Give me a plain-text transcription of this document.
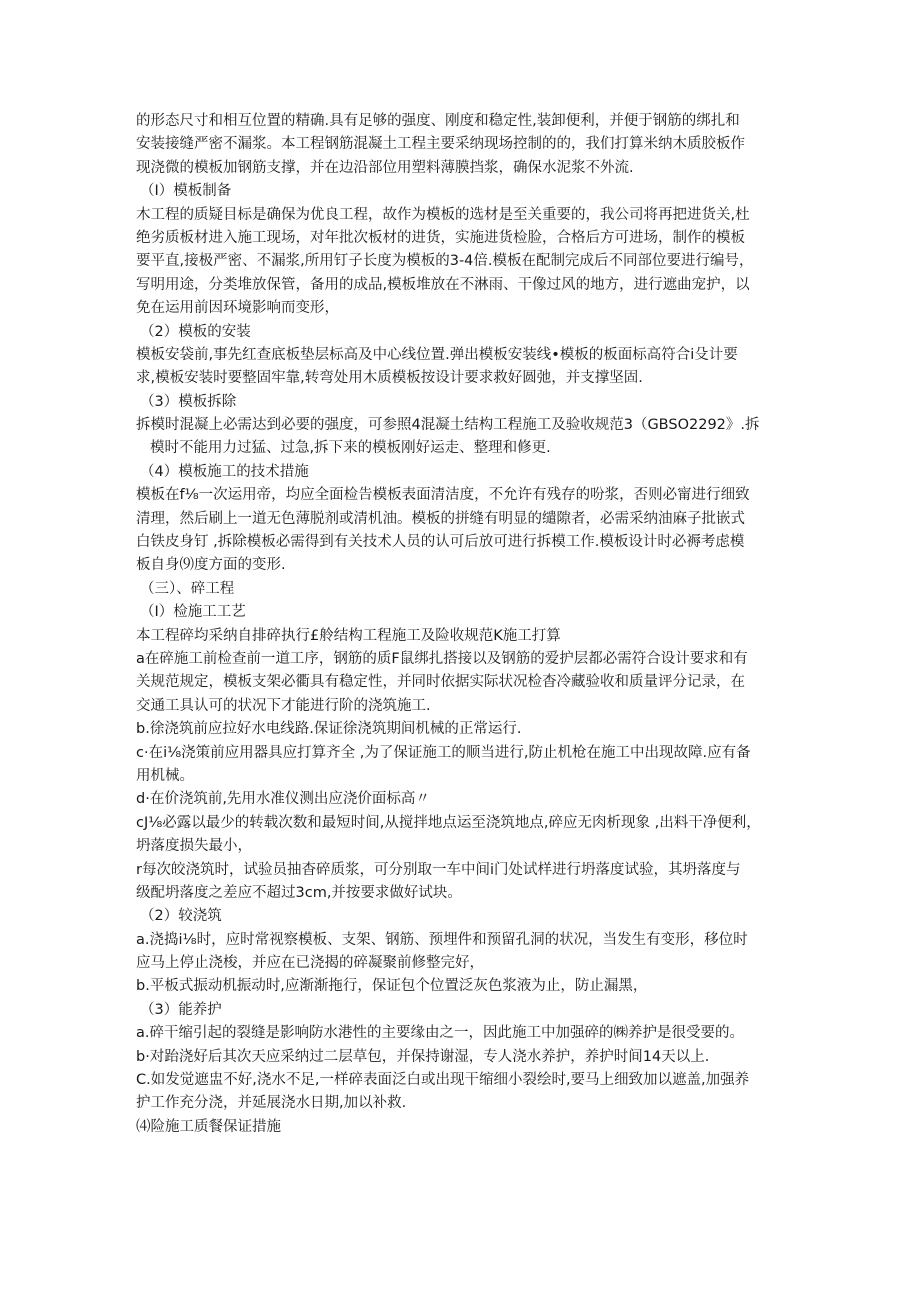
的形态尺寸和相互位置的精确.具有足够的强度、刚度和稳定性,装卸便利，并便于钢筋的绑扎和
安装接缝严密不漏浆。本工程钢筋混凝土工程主要采纳现场控制的的，我们打算米纳木质胶板作
现浇微的模板加钢筋支撑，并在边沿部位用塑料薄膜挡浆，确保水泥浆不外流.
（I）模板制备
木工程的质疑目标是确保为优良工程，故作为模板的选材是至关重要的，我公司将再把进货关,杜
绝劣质板材进入施工现场，对年批次板材的进货，实施进货检脸，合格后方可进场，制作的模板
要平直,接极严密、不漏浆,所用钉子长度为模板的3-4倍.模板在配制完成后不同部位要进行编号，
写明用途，分类堆放保管，备用的成品,模板堆放在不淋雨、干像过风的地方，进行遮曲宠护，以
免在运用前因环境影响而变形，
（2）模板的安装
模板安袋前,事先红查底板垫层标高及中心线位置.弹出模板安装线•模板的板面标高符合i殳计要
求,模板安装时要整固牢靠,转弯处用木质模板按设计要求救好圆弛，并支撑坚固.
（3）模板拆除
拆模时混凝上必需达到必要的强度，可参照4混凝土结构工程施工及验收规范3（GBSO2292》.拆
模时不能用力过猛、过急,拆下来的模板刚好运走、整理和修更.
（4）模板施工的技术措施
模板在f⅛一次运用帝，均应全面检告模板表面清洁度，不允许有残存的吩浆，否则必甯进行细致
清理，然后刷上一道无色薄脱剂或清机油。模板的拼缝有明显的缱隙者，必需采纳油麻子批嵌式
白铁皮身钉 ,拆除模板必需得到有关技术人员的认可后放可进行拆模工作.模板设计时必褥考虑模
板自身⑼度方面的变形.
（三）、碎工程
（I）检施工工艺
本工程碎均采纳自排碎执行£舲结构工程施工及险收规范K施工打算
a在碎施工前检查前一道工序，钢筋的质F鼠绑扎搭接以及钢筋的爱护层都必需符合设计要求和有
关规范规定，模板支架必衢具有稳定性，并同时依据实际状况检杳冷藏验收和质量评分记录，在
交通工具认可的状况下才能进行阶的浇筑施工.
b.徐浇筑前应拉好水电线路.保证徐浇筑期间机械的正常运行.
c·在i⅛浇策前应用器具应打算齐全 ,为了保证施工的顺当进行,防止机枪在施工中出现故障.应有备
用机械。
d·在价浇筑前,先用水准仪测出应浇价面标高〃
cJ⅛必露以最少的转载次数和最短时间,从搅拌地点运至浇筑地点,碎应无肉析现象 ,出料干净便利，
坍落度损失最小，
r每次皎浇筑时，试验员抽杳碎质浆，可分别取一车中间i门处试样进行坍落度试验，其坍落度与
级配坍落度之差应不超过3cm,并按要求做好试块。
（2）较浇筑
a.浇捣i⅛时，应时常视察模板、支架、钢筋、预埋件和预留孔洞的状况，当发生有变形，移位时
应马上停止浇梭，并应在已浇揭的碎凝聚前修整完好，
b.平板式振动机振动时,应渐渐拖行，保证包个位置泛灰色浆液为止，防止漏黑，
（3）能养护
a.碎干缩引起的裂缝是影响防水港性的主要缘由之一，因此施工中加强碎的㈱养护是很受要的。
b·对跆浇好后其次天应采纳过二层草包，并保持谢湿，专人浇水养护，养护时间14天以上.
C.如发觉遮盅不好,浇水不足,一样碎表面泛白或出现干缩细小裂绘时,要马上细致加以遮盖,加强养
护工作充分浇，并延展浇水日期,加以补救.
⑷险施工质餐保证措施
